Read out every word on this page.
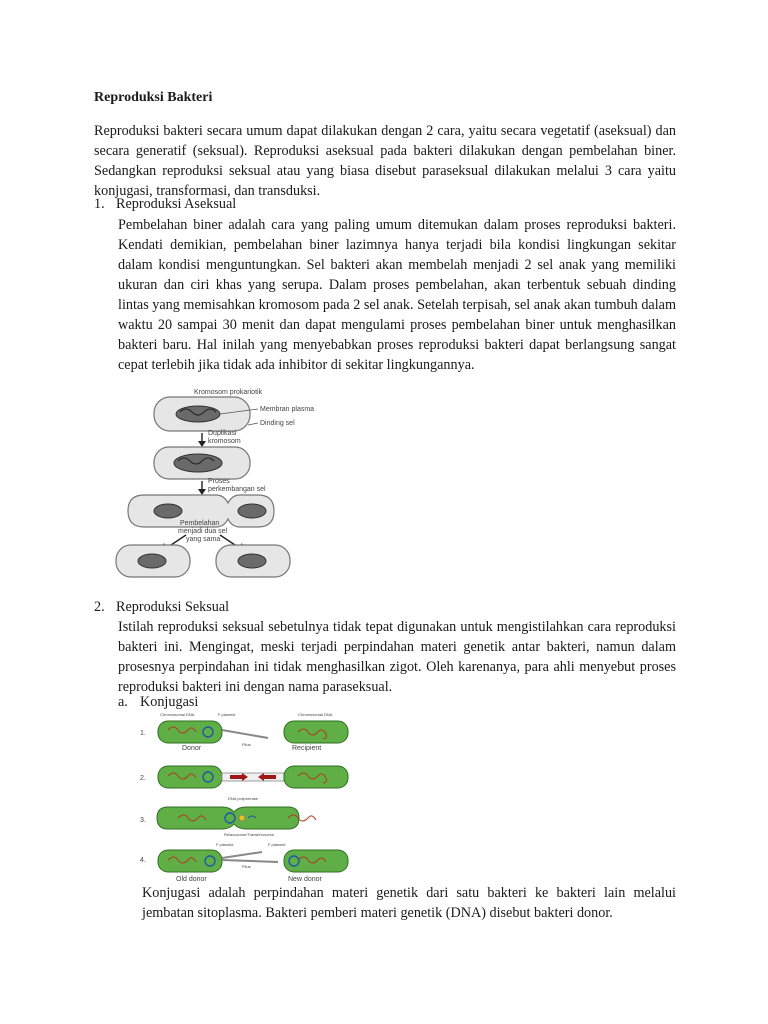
Reproduksi Bakteri
Reproduksi bakteri secara umum dapat dilakukan dengan 2 cara, yaitu secara vegetatif (aseksual) dan secara generatif (seksual). Reproduksi aseksual pada bakteri dilakukan dengan pembelahan biner. Sedangkan reproduksi seksual atau yang biasa disebut paraseksual dilakukan melalui 3 cara yaitu konjugasi, transformasi, dan transduksi.
1. Reproduksi Aseksual
Pembelahan biner adalah cara yang paling umum ditemukan dalam proses reproduksi bakteri. Kendati demikian, pembelahan biner lazimnya hanya terjadi bila kondisi lingkungan sekitar dalam kondisi menguntungkan. Sel bakteri akan membelah menjadi 2 sel anak yang memiliki ukuran dan ciri khas yang serupa. Dalam proses pembelahan, akan terbentuk sebuah dinding lintas yang memisahkan kromosom pada 2 sel anak. Setelah terpisah, sel anak akan tumbuh dalam waktu 20 sampai 30 menit dan dapat mengulami proses pembelahan biner untuk menghasilkan bakteri baru. Hal inilah yang menyebabkan proses reproduksi bakteri dapat berlangsung sangat cepat terlebih jika tidak ada inhibitor di sekitar lingkungannya.
Kromosom prokariotik
Membran plasma
Dinding sel
Duplikasi
kromosom
Proses
perkembangan sel
Pembelahan
menjadi dua sel
yang sama
2. Reproduksi Seksual
Istilah reproduksi seksual sebetulnya tidak tepat digunakan untuk mengistilahkan cara reproduksi bakteri ini. Mengingat, meski terjadi perpindahan materi genetik antar bakteri, namun dalam prosesnya perpindahan ini tidak menghasilkan zigot. Oleh karenanya, para ahli menyebut proses reproduksi bakteri ini dengan nama paraseksual.
a. Konjugasi
1.
Chromosomal DNA	F plasmid	Chromosomal DNA
Pilus
Donor	Recipient
2.
3.
DNA polymerase
Relaxosome/Transferosome
4.
F plasmid	F plasmid
Pilus
Old donor	New donor
Konjugasi adalah perpindahan materi genetik dari satu bakteri ke bakteri lain melalui jembatan sitoplasma. Bakteri pemberi materi genetik (DNA) disebut bakteri donor.
